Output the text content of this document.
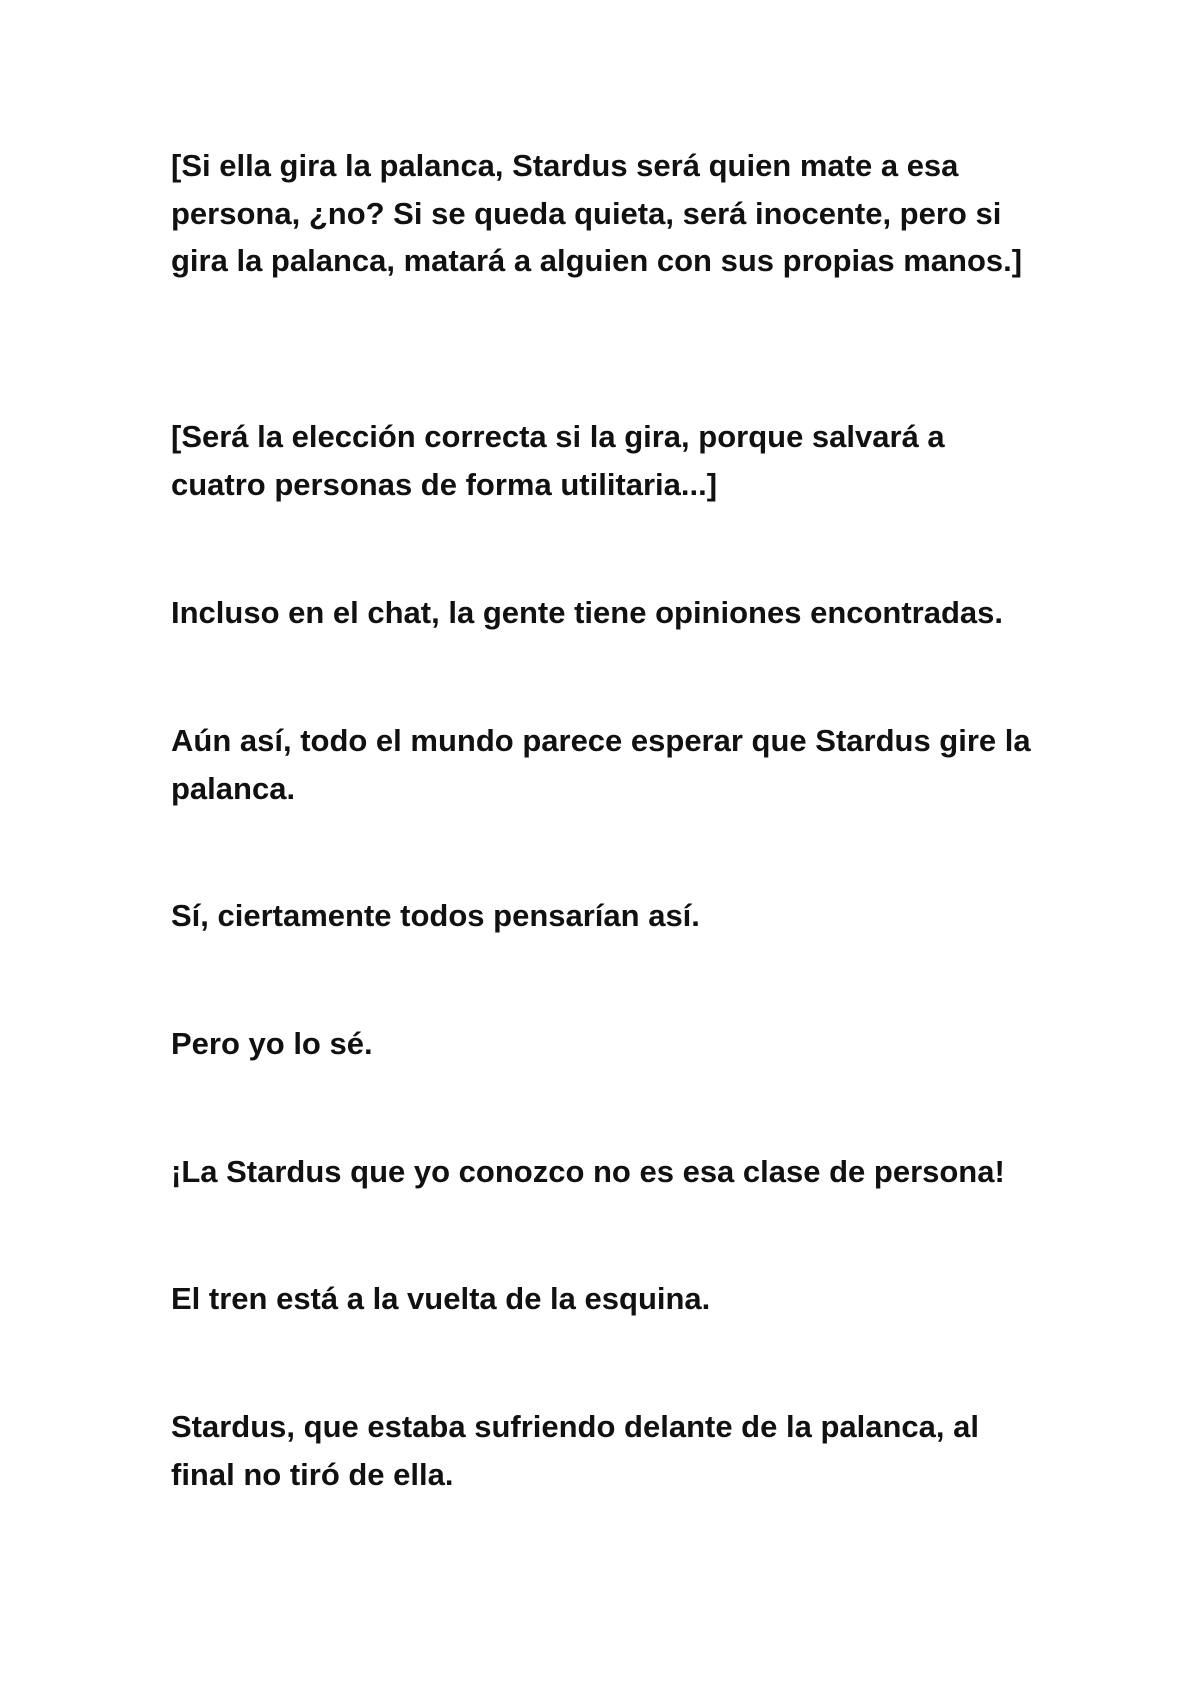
[Si ella gira la palanca, Stardus será quien mate a esa persona, ¿no? Si se queda quieta, será inocente, pero si gira la palanca, matará a alguien con sus propias manos.]

[Será la elección correcta si la gira, porque salvará a cuatro personas de forma utilitaria...]

Incluso en el chat, la gente tiene opiniones encontradas.

Aún así, todo el mundo parece esperar que Stardus gire la palanca.

Sí, ciertamente todos pensarían así.

Pero yo lo sé.

¡La Stardus que yo conozco no es esa clase de persona!

El tren está a la vuelta de la esquina.

Stardus, que estaba sufriendo delante de la palanca, al final no tiró de ella.
